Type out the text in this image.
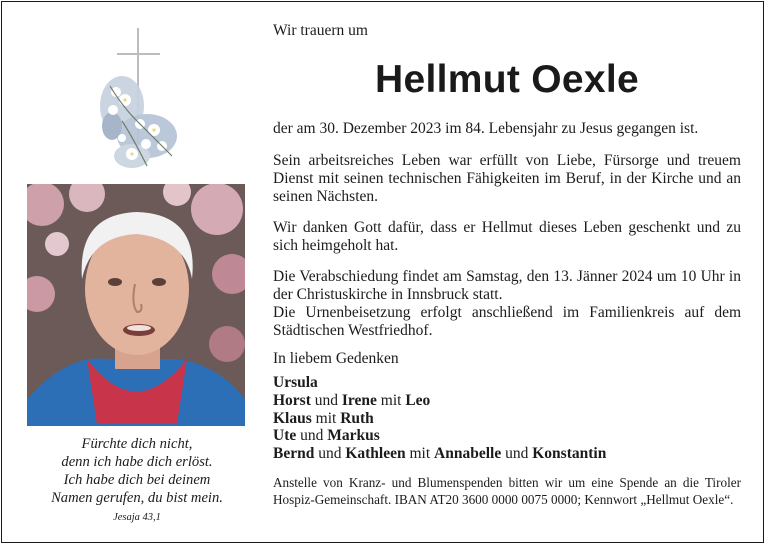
Fürchte dich nicht,
denn ich habe dich erlöst.
Ich habe dich bei deinem
Namen gerufen, du bist mein.
Jesaja 43,1
Wir trauern um
Hellmut Oexle

der am 30. Dezember 2023 im 84. Lebensjahr zu Jesus gegangen ist.

Sein arbeitsreiches Leben war erfüllt von Liebe, Fürsorge und treuem Dienst mit seinen technischen Fähigkeiten im Beruf, in der Kirche und an seinen Nächsten.

Wir danken Gott dafür, dass er Hellmut dieses Leben geschenkt und zu sich heimgeholt hat.

Die Verabschiedung findet am Samstag, den 13. Jänner 2024 um 10 Uhr in der Christuskirche in Innsbruck statt.
Die Urnenbeisetzung erfolgt anschließend im Familienkreis auf dem Städtischen Westfriedhof.
In liebem Gedenken
Ursula
Horst und Irene mit Leo
Klaus mit Ruth
Ute und Markus
Bernd und Kathleen mit Annabelle und Konstantin

Anstelle von Kranz- und Blumenspenden bitten wir um eine Spende an die Tiroler Hospiz-Gemeinschaft. IBAN AT20 3600 0000 0075 0000; Kennwort „Hellmut Oexle“.
